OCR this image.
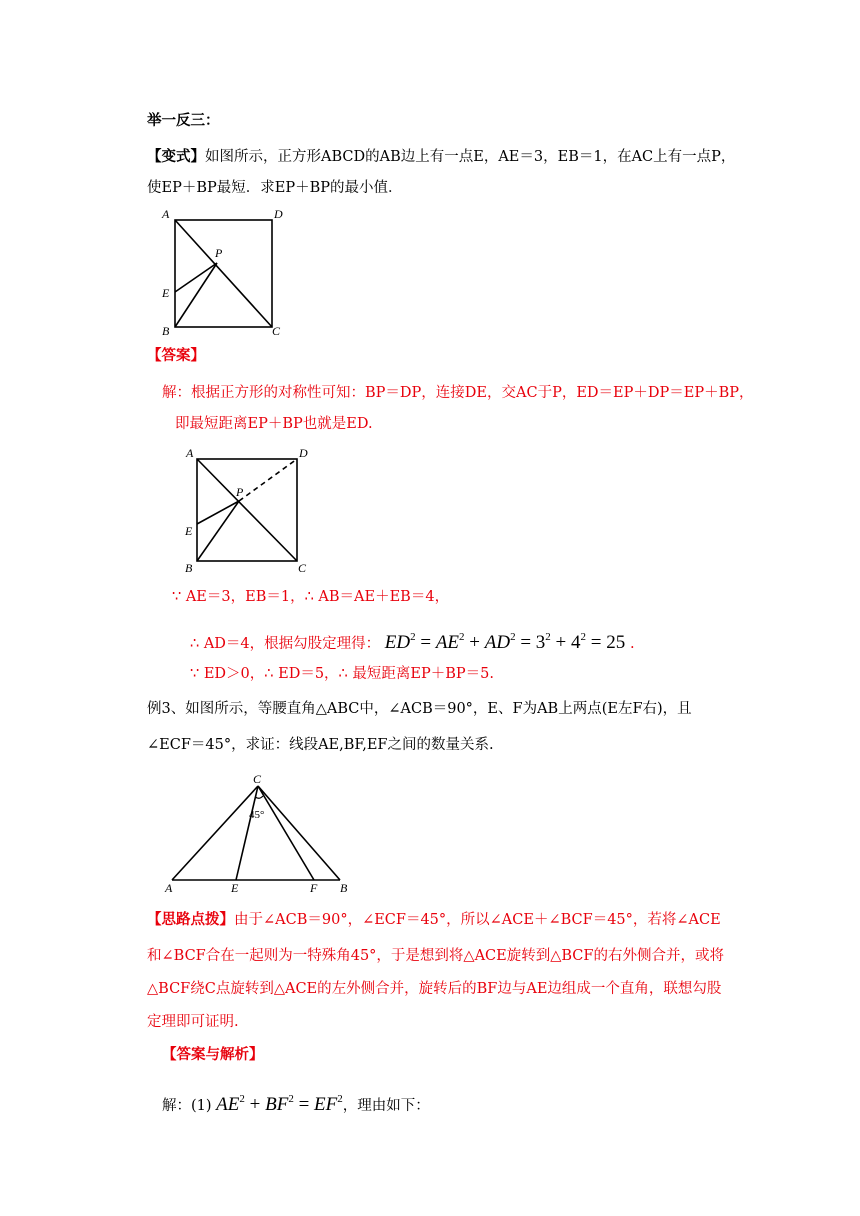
举一反三：
【变式】如图所示，正方形ABCD的AB边上有一点E，AE＝3，EB＝1，在AC上有一点P，
使EP＋BP最短．求EP＋BP的最小值．
A	D
P
E
B	C
【答案】
解：根据正方形的对称性可知：BP＝DP，连接DE，交AC于P，ED＝EP＋DP＝EP＋BP，
即最短距离EP＋BP也就是ED.
A	D
P
E
B	C
∵ AE＝3，EB＝1，∴ AB＝AE＋EB＝4，
∴ AD＝4，根据勾股定理得： $ED^2 = AE^2 + AD^2 = 3^2 + 4^2 = 25$ .
∵ ED＞0，∴ ED＝5，∴ 最短距离EP＋BP＝5.
例3、如图所示，等腰直角△ABC中，∠ACB＝90°，E、F为AB上两点(E左F右)，且
∠ECF＝45°，求证：线段AE,BF,EF之间的数量关系.
C
45°
A	E	F B
【思路点拨】由于∠ACB＝90°，∠ECF＝45°，所以∠ACE＋∠BCF＝45°，若将∠ACE
和∠BCF合在一起则为一特殊角45°，于是想到将△ACE旋转到△BCF的右外侧合并，或将
△BCF绕C点旋转到△ACE的左外侧合并，旋转后的BF边与AE边组成一个直角，联想勾股
定理即可证明.
【答案与解析】
解：(1) $AE^2 + BF^2 = EF^2$，理由如下：
